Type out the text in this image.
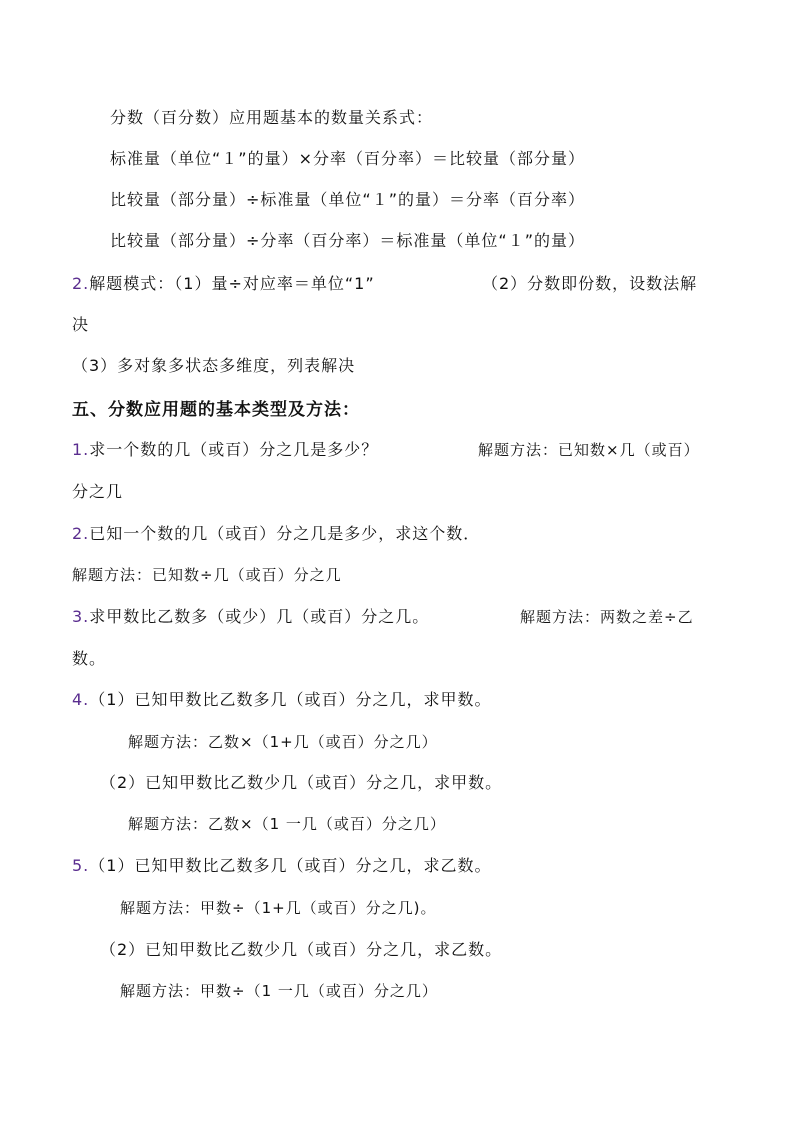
分数（百分数）应用题基本的数量关系式：
标准量（单位“１”的量）×分率（百分率）＝比较量（部分量）
比较量（部分量）÷标准量（单位“１”的量）＝分率（百分率）
比较量（部分量）÷分率（百分率）＝标准量（单位“１”的量）
2.解题模式：（1）量÷对应率＝单位“1”	（2）分数即份数，设数法解
决
（3）多对象多状态多维度，列表解决
五、分数应用题的基本类型及方法：
1.求一个数的几（或百）分之几是多少？	解题方法：已知数×几（或百）
分之几
2.已知一个数的几（或百）分之几是多少，求这个数．
解题方法：已知数÷几（或百）分之几
3.求甲数比乙数多（或少）几（或百）分之几。	解题方法：两数之差÷乙
数。
4.（1）已知甲数比乙数多几（或百）分之几，求甲数。
解题方法：乙数×（1+几（或百）分之几）
（2）已知甲数比乙数少几（或百）分之几，求甲数。
解题方法：乙数×（1 一几（或百）分之几）
5.（1）已知甲数比乙数多几（或百）分之几，求乙数。
解题方法：甲数÷（1+几（或百）分之几)。
（2）已知甲数比乙数少几（或百）分之几，求乙数。
解题方法：甲数÷（1 一几（或百）分之几）
